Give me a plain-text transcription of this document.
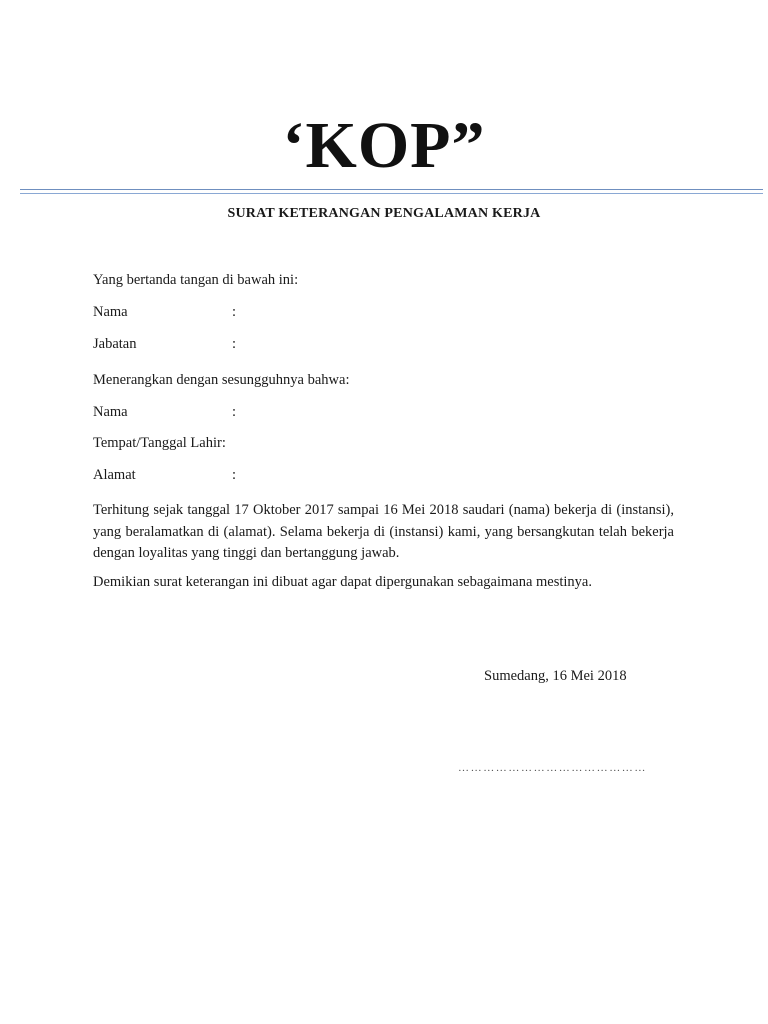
‘KOP”
SURAT KETERANGAN PENGALAMAN KERJA
Yang bertanda tangan di bawah ini:
Nama	:
Jabatan	:
Menerangkan dengan sesungguhnya bahwa:
Nama	:
Tempat/Tanggal Lahir:
Alamat	:
Terhitung sejak tanggal 17 Oktober 2017 sampai 16 Mei 2018 saudari (nama) bekerja di (instansi), yang beralamatkan di (alamat). Selama bekerja di (instansi) kami, yang bersangkutan telah bekerja dengan loyalitas yang tinggi dan bertanggung jawab.
Demikian surat keterangan ini dibuat agar dapat dipergunakan sebagaimana mestinya.
Sumedang, 16 Mei 2018
………………………………………
